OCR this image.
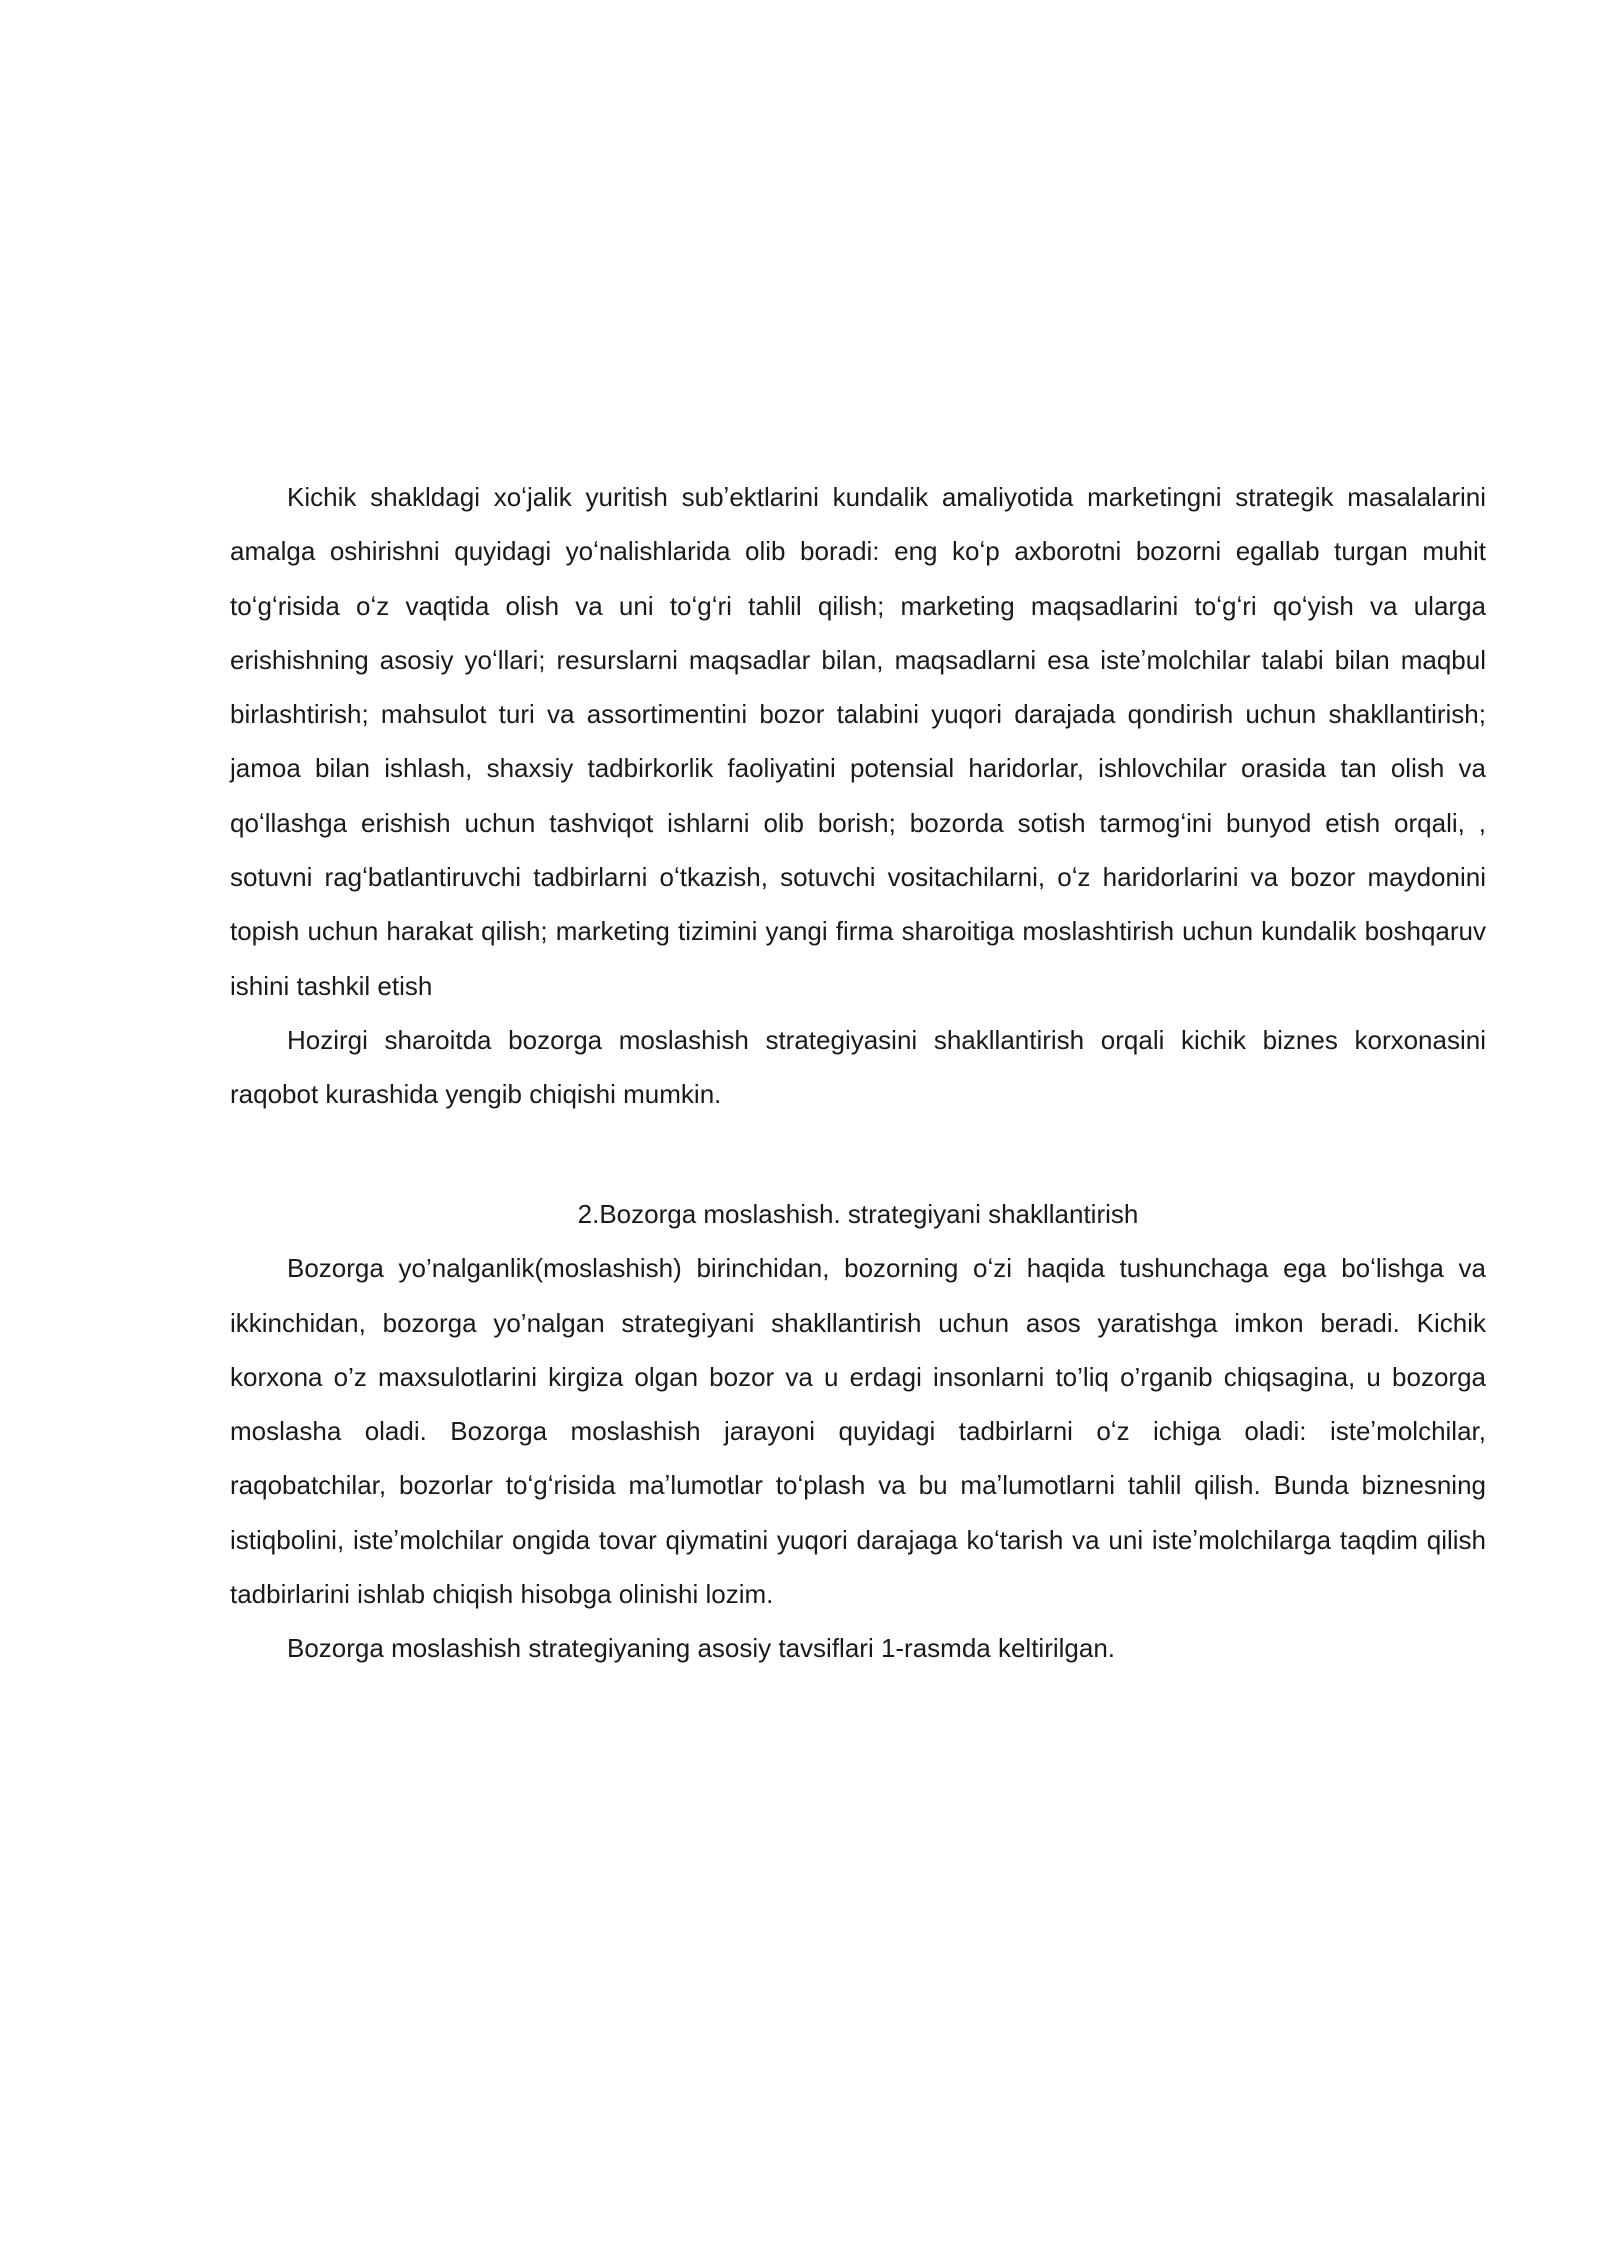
Kichik shakldagi xoʻjalik yuritish subʼektlarini kundalik amaliyotida marketingni strategik masalalarini amalga oshirishni quyidagi yoʻnalishlarida olib boradi: eng koʻp axborotni bozorni egallab turgan muhit toʻgʻrisida oʻz vaqtida olish va uni toʻgʻri tahlil qilish; marketing maqsadlarini toʻgʻri qoʻyish va ularga erishishning asosiy yoʻllari; resurslarni maqsadlar bilan, maqsadlarni esa isteʼmolchilar talabi bilan maqbul birlashtirish; mahsulot turi va assortimentini bozor talabini yuqori darajada qondirish uchun shakllantirish; jamoa bilan ishlash, shaxsiy tadbirkorlik faoliyatini potensial haridorlar, ishlovchilar orasida tan olish va qoʻllashga erishish uchun tashviqot ishlarni olib borish; bozorda sotish tarmogʻini bunyod etish orqali, , sotuvni ragʻbatlantiruvchi tadbirlarni oʻtkazish, sotuvchi vositachilarni, oʻz haridorlarini va bozor maydonini topish uchun harakat qilish; marketing tizimini yangi firma sharoitiga moslashtirish uchun kundalik boshqaruv ishini tashkil etish

Hozirgi sharoitda bozorga moslashish strategiyasini shakllantirish orqali kichik biznes korxonasini raqobot kurashida yengib chiqishi mumkin.

2.Bozorga moslashish. strategiyani shakllantirish

Bozorga yo’nalganlik(moslashish) birinchidan, bozorning oʻzi haqida tushunchaga ega boʻlishga va ikkinchidan, bozorga yo’nalgan strategiyani shakllantirish uchun asos yaratishga imkon beradi. Kichik korxona o’z maxsulotlarini kirgiza olgan bozor va u erdagi insonlarni to’liq o’rganib chiqsagina, u bozorga moslasha oladi. Bozorga moslashish jarayoni quyidagi tadbirlarni oʻz ichiga oladi: isteʼmolchilar, raqobatchilar, bozorlar toʻgʻrisida maʼlumotlar toʻplash va bu maʼlumotlarni tahlil qilish. Bunda biznesning istiqbolini, isteʼmolchilar ongida tovar qiymatini yuqori darajaga koʻtarish va uni isteʼmolchilarga taqdim qilish tadbirlarini ishlab chiqish hisobga olinishi lozim.

Bozorga moslashish strategiyaning asosiy tavsiflari 1-rasmda keltirilgan.
